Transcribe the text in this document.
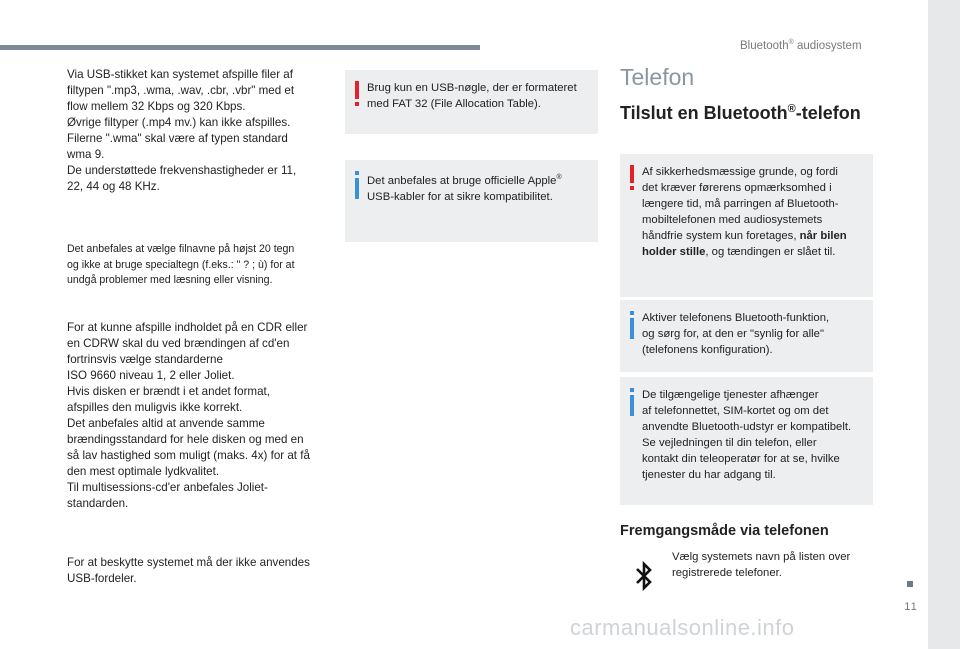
Bluetooth® audiosystem
11
carmanualsonline.info

Via USB-stikket kan systemet afspille filer af

filtypen ".mp3, .wma, .wav, .cbr, .vbr" med et

flow mellem 32 Kbps og 320 Kbps.

Øvrige filtyper (.mp4 mv.) kan ikke afspilles.

Filerne ".wma" skal være af typen standard

wma 9.

De understøttede frekvenshastigheder er 11,

22, 44 og 48 KHz.

Det anbefales at vælge filnavne på højst 20 tegn

og ikke at bruge specialtegn (f.eks.: " ? ; ù) for at

undgå problemer med læsning eller visning.

For at kunne afspille indholdet på en CDR eller

en CDRW skal du ved brændingen af cd'en

fortrinsvis vælge standarderne

ISO 9660 niveau 1, 2 eller Joliet.

Hvis disken er brændt i et andet format,

afspilles den muligvis ikke korrekt.

Det anbefales altid at anvende samme

brændingsstandard for hele disken og med en

så lav hastighed som muligt (maks. 4x) for at få

den mest optimale lydkvalitet.

Til multisessions-cd'er anbefales Joliet-

standarden.

For at beskytte systemet må der ikke anvendes

USB-fordeler.

Brug kun en USB-nøgle, der er formateret

med FAT 32 (File Allocation Table).

Det anbefales at bruge officielle Apple®

USB-kabler for at sikre kompatibilitet.

Telefon
Tilslut en Bluetooth®-telefon

Af sikkerhedsmæssige grunde, og fordi

det kræver førerens opmærksomhed i

længere tid, må parringen af Bluetooth-

mobiltelefonen med audiosystemets

håndfrie system kun foretages, når bilen

holder stille, og tændingen er slået til.

Aktiver telefonens Bluetooth-funktion,

og sørg for, at den er "synlig for alle"

(telefonens konfiguration).

De tilgængelige tjenester afhænger

af telefonnettet, SIM-kortet og om det

anvendte Bluetooth-udstyr er kompatibelt.

Se vejledningen til din telefon, eller

kontakt din teleoperatør for at se, hvilke

tjenester du har adgang til.

Fremgangsmåde via telefonen

Vælg systemets navn på listen over

registrerede telefoner.
